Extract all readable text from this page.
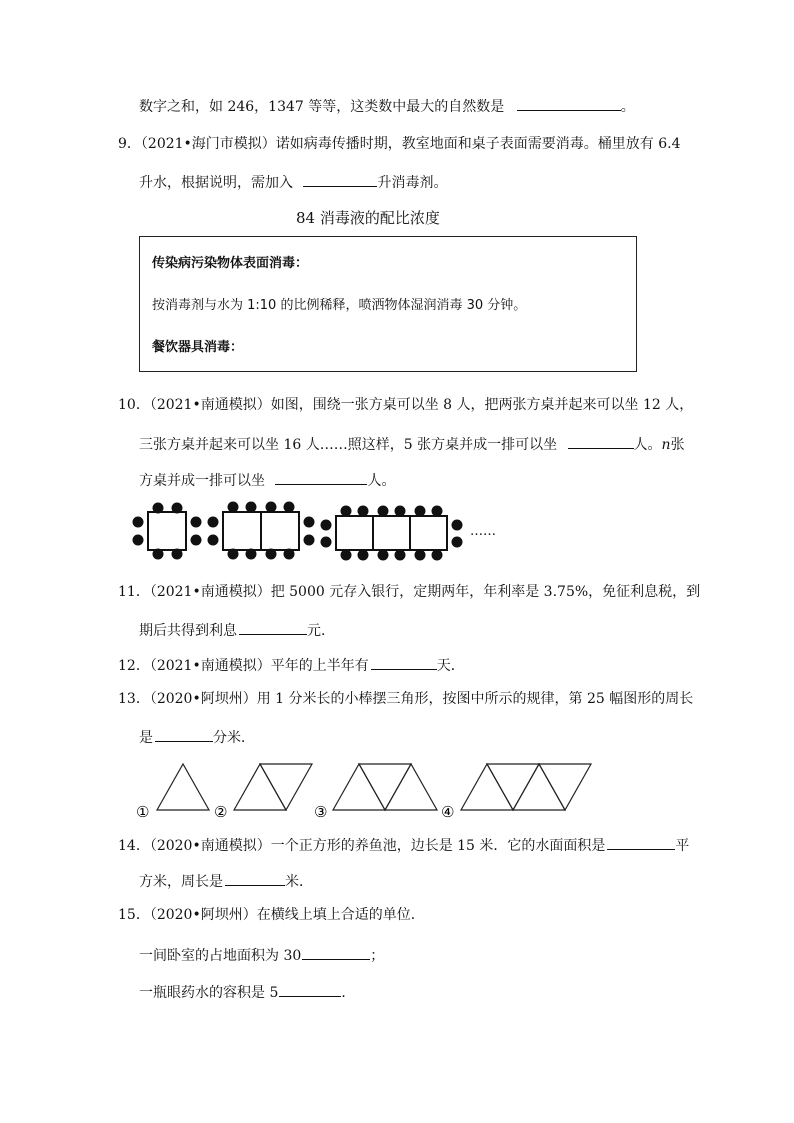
数字之和，如 246，1347 等等，这类数中最大的自然数是	。
9．（2021•海门市模拟）诺如病毒传播时期，教室地面和桌子表面需要消毒。桶里放有 6.4
升水，根据说明，需加入	升消毒剂。
84 消毒液的配比浓度
传染病污染物体表面消毒：
按消毒剂与水为 1:10 的比例稀释，喷洒物体湿润消毒 30 分钟。
餐饮器具消毒：
10．（2021•南通模拟）如图，围绕一张方桌可以坐 8 人，把两张方桌并起来可以坐 12 人，
三张方桌并起来可以坐 16 人……照这样，5 张方桌并成一排可以坐	人。n张
方桌并成一排可以坐	人。
……
11．（2021•南通模拟）把 5000 元存入银行，定期两年，年利率是 3.75%，免征利息税，到
期后共得到利息	元．
12．（2021•南通模拟）平年的上半年有	天．
13．（2020•阿坝州）用 1 分米长的小棒摆三角形，按图中所示的规律，第 25 幅图形的周长
是	分米．
①	②	③	④
14．（2020•南通模拟）一个正方形的养鱼池，边长是 15 米．它的水面面积是	平
方米，周长是	米．
15．（2020•阿坝州）在横线上填上合适的单位．
一间卧室的占地面积为 30	；
一瓶眼药水的容积是 5	．
